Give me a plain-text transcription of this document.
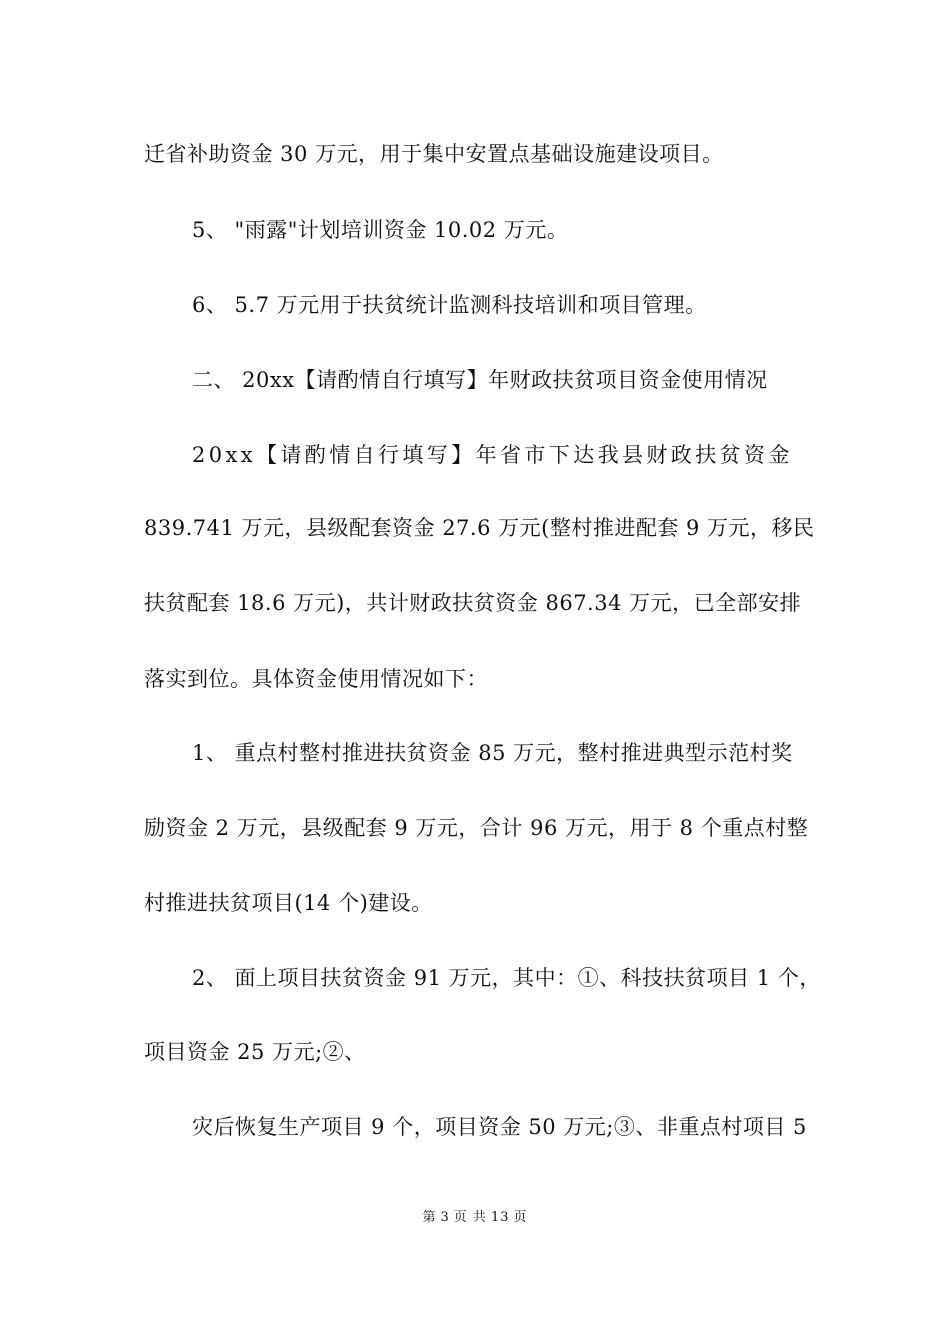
迁省补助资金 30 万元，用于集中安置点基础设施建设项目。
5、 "雨露"计划培训资金 10.02 万元。
6、 5.7 万元用于扶贫统计监测科技培训和项目管理。
二、 20xx【请酌情自行填写】年财政扶贫项目资金使用情况
20xx【请酌情自行填写】年省市下达我县财政扶贫资金
839.741 万元，县级配套资金 27.6 万元(整村推进配套 9 万元，移民
扶贫配套 18.6 万元)，共计财政扶贫资金 867.34 万元，已全部安排
落实到位。具体资金使用情况如下：
1、 重点村整村推进扶贫资金 85 万元，整村推进典型示范村奖
励资金 2 万元，县级配套 9 万元，合计 96 万元，用于 8 个重点村整
村推进扶贫项目(14 个)建设。
2、 面上项目扶贫资金 91 万元，其中：①、科技扶贫项目 1 个，
项目资金 25 万元;②、
灾后恢复生产项目 9 个，项目资金 50 万元;③、非重点村项目 5
第 3 页 共 13 页
